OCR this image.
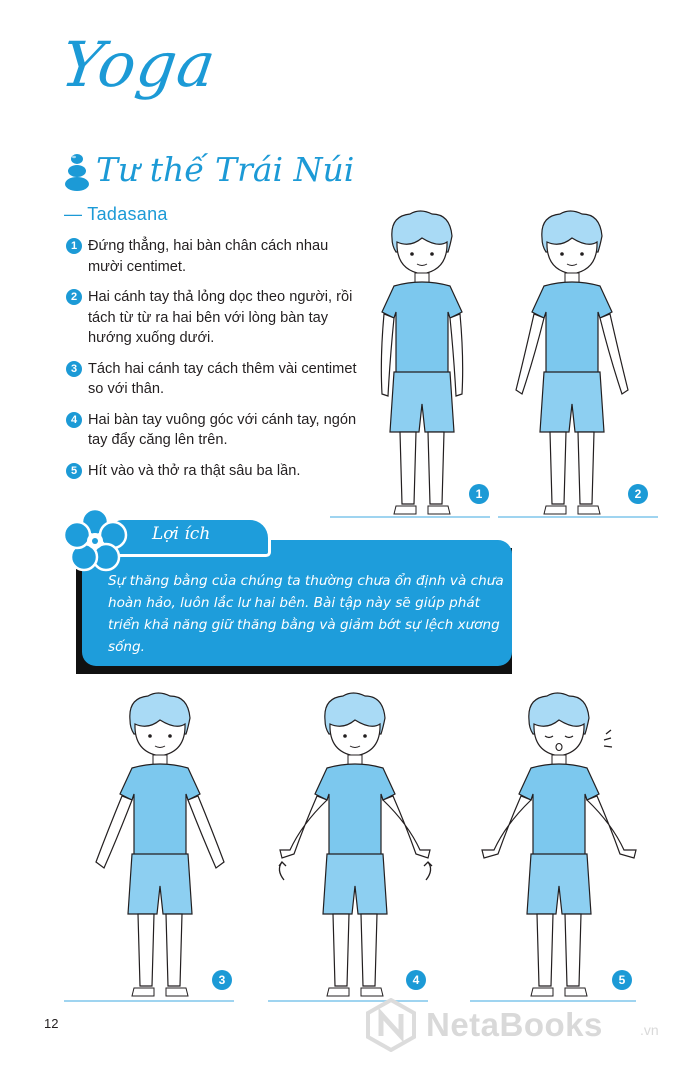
Yoga
Tư thế Trái Núi
— Tadasana
1 Đứng thẳng, hai bàn chân cách nhau mười centimet.
2 Hai cánh tay thả lỏng dọc theo người, rồi tách từ từ ra hai bên với lòng bàn tay hướng xuống dưới.
3 Tách hai cánh tay cách thêm vài centimet so với thân.
4 Hai bàn tay vuông góc với cánh tay, ngón tay đẩy căng lên trên.
5 Hít vào và thở ra thật sâu ba lần.
1	2
Lợi ích
Sự thăng bằng của chúng ta thường chưa ổn định và chưa hoàn hảo, luôn lắc lư hai bên. Bài tập này sẽ giúp phát triển khả năng giữ thăng bằng và giảm bớt sự lệch xương sống.
3	4	5
12	NetaBooks	.vn
